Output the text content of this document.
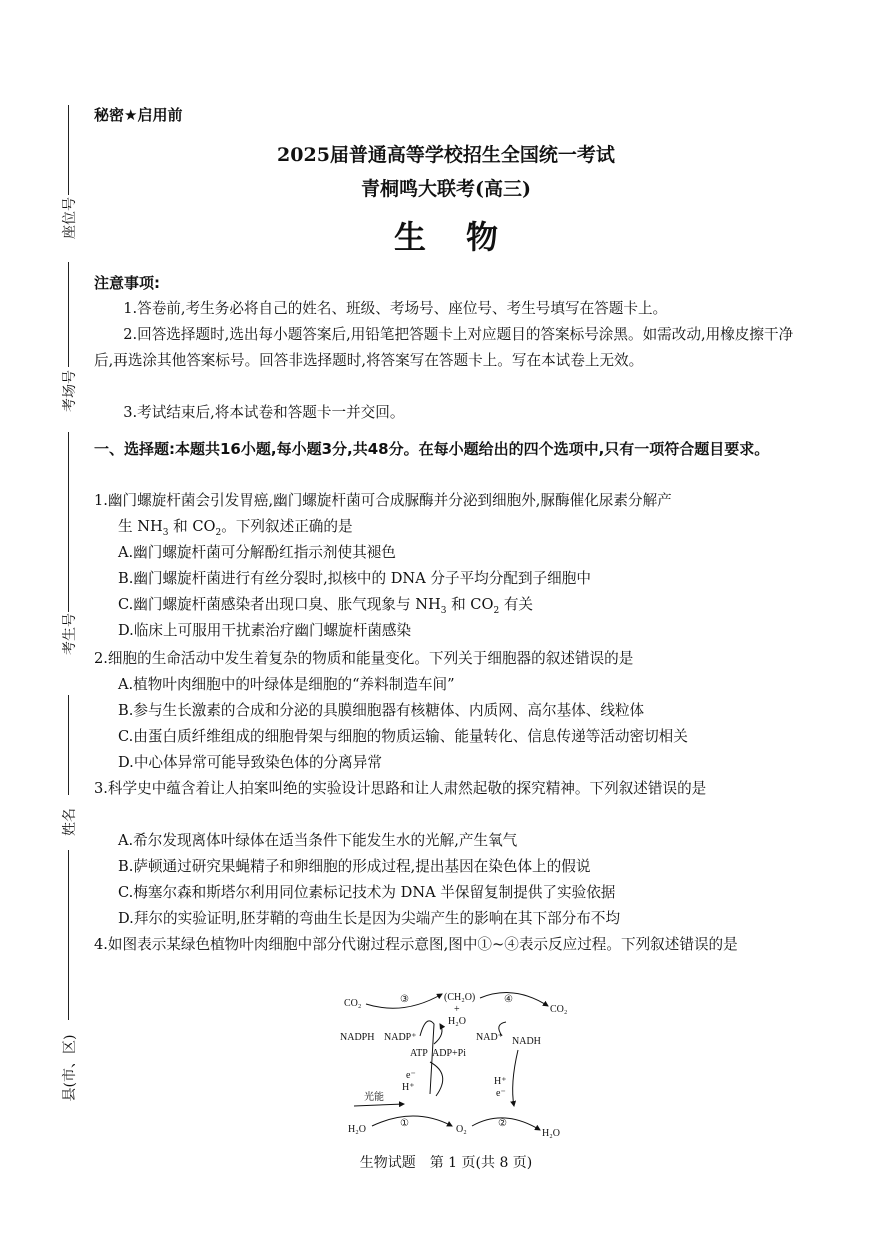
座位号
考场号
考生号
姓名
县(市、区)
秘密★启用前
2025届普通高等学校招生全国统一考试
青桐鸣大联考(高三)
生物
注意事项:
1.答卷前,考生务必将自己的姓名、班级、考场号、座位号、考生号填写在答题卡上。
2.回答选择题时,选出每小题答案后,用铅笔把答题卡上对应题目的答案标号涂黑。如需改动,用橡皮擦干净后,再选涂其他答案标号。回答非选择题时,将答案写在答题卡上。写在本试卷上无效。
3.考试结束后,将本试卷和答题卡一并交回。
一、选择题:本题共16小题,每小题3分,共48分。在每小题给出的四个选项中,只有一项符合题目要求。
1.幽门螺旋杆菌会引发胃癌,幽门螺旋杆菌可合成脲酶并分泌到细胞外,脲酶催化尿素分解产
生 $NH_3$ 和 $CO_2$。下列叙述正确的是
A.幽门螺旋杆菌可分解酚红指示剂使其褪色
B.幽门螺旋杆菌进行有丝分裂时,拟核中的 DNA 分子平均分配到子细胞中
C.幽门螺旋杆菌感染者出现口臭、胀气现象与 $NH_3$ 和 $CO_2$ 有关
D.临床上可服用干扰素治疗幽门螺旋杆菌感染
2.细胞的生命活动中发生着复杂的物质和能量变化。下列关于细胞器的叙述错误的是
A.植物叶肉细胞中的叶绿体是细胞的“养料制造车间”
B.参与生长激素的合成和分泌的具膜细胞器有核糖体、内质网、高尔基体、线粒体
C.由蛋白质纤维组成的细胞骨架与细胞的物质运输、能量转化、信息传递等活动密切相关
D.中心体异常可能导致染色体的分离异常
3.科学史中蕴含着让人拍案叫绝的实验设计思路和让人肃然起敬的探究精神。下列叙述错误的是
A.希尔发现离体叶绿体在适当条件下能发生水的光解,产生氧气
B.萨顿通过研究果蝇精子和卵细胞的形成过程,提出基因在染色体上的假说
C.梅塞尔森和斯塔尔利用同位素标记技术为 DNA 半保留复制提供了实验依据
D.拜尔的实验证明,胚芽鞘的弯曲生长是因为尖端产生的影响在其下部分布不均
4.如图表示某绿色植物叶肉细胞中部分代谢过程示意图,图中①~④表示反应过程。下列叙述错误的是
CO₂	③	(CH₂O)
+
H₂O
④
CO₂
NADPH NADP⁺
ATP ADP+Pi
e⁻
H⁺
光能
H₂O
①
O₂
②
H₂O
NAD⁺ NADH
H⁺
e⁻
生物试题　第 1 页(共 8 页)
